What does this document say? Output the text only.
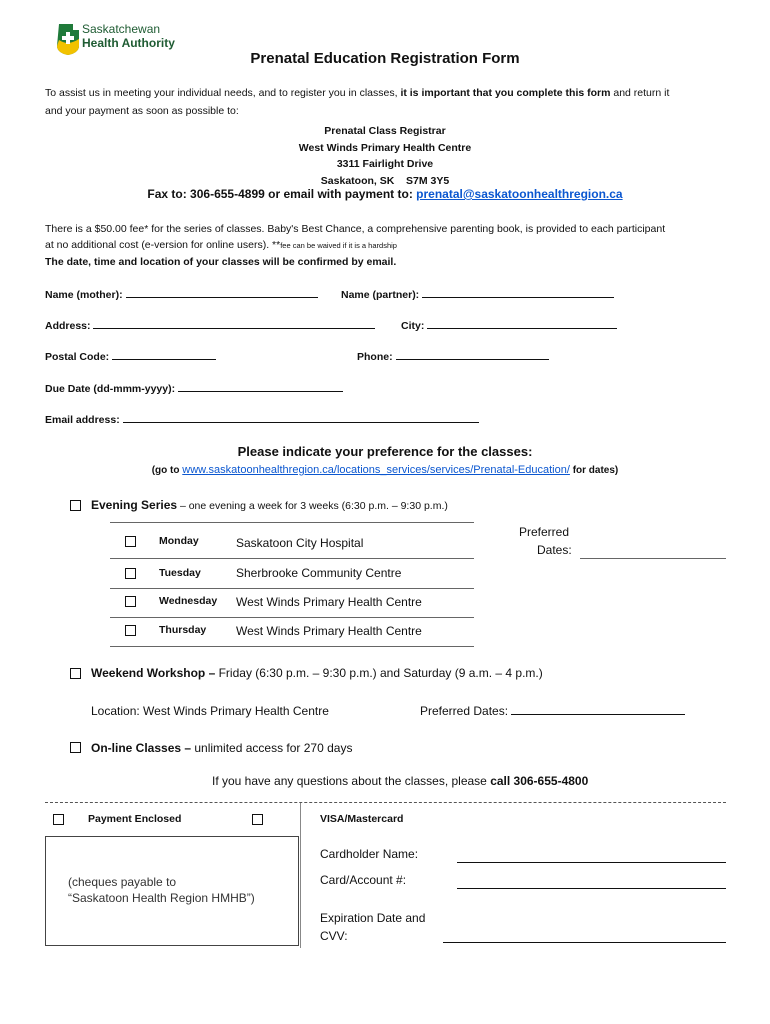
Saskatchewan
Health Authority
Prenatal Education Registration Form
To assist us in meeting your individual needs, and to register you in classes, it is important that you complete this form and return it
and your payment as soon as possible to:
Prenatal Class Registrar
West Winds Primary Health Centre
3311 Fairlight Drive
Saskatoon, SK    S7M 3Y5
Fax to: 306-655-4899 or email with payment to: prenatal@saskatoonhealthregion.ca
There is a $50.00 fee* for the series of classes. Baby's Best Chance, a comprehensive parenting book, is provided to each participant
at no additional cost (e-version for online users). **fee can be waived if it is a hardship
The date, time and location of your classes will be confirmed by email.
Name (mother):	Name (partner):
Address:	City:
Postal Code:	Phone:
Due Date (dd-mmm-yyyy):
Email address:
Please indicate your preference for the classes:
(go to www.saskatoonhealthregion.ca/locations_services/services/Prenatal-Education/ for dates)
Evening Series – one evening a week for 3 weeks (6:30 p.m. – 9:30 p.m.)
Monday	Saskatoon City Hospital
Tuesday	Sherbrooke Community Centre
Wednesday West Winds Primary Health Centre
Thursday West Winds Primary Health Centre
Preferred
Dates:
Weekend Workshop – Friday (6:30 p.m. – 9:30 p.m.) and Saturday (9 a.m. – 4 p.m.)
Location: West Winds Primary Health Centre	Preferred Dates:
On-line Classes – unlimited access for 270 days
If you have any questions about the classes, please call 306-655-4800
Payment Enclosed	VISA/Mastercard
(cheques payable to
“Saskatoon Health Region HMHB”)
Cardholder Name:
Card/Account #:
Expiration Date and
CVV:
